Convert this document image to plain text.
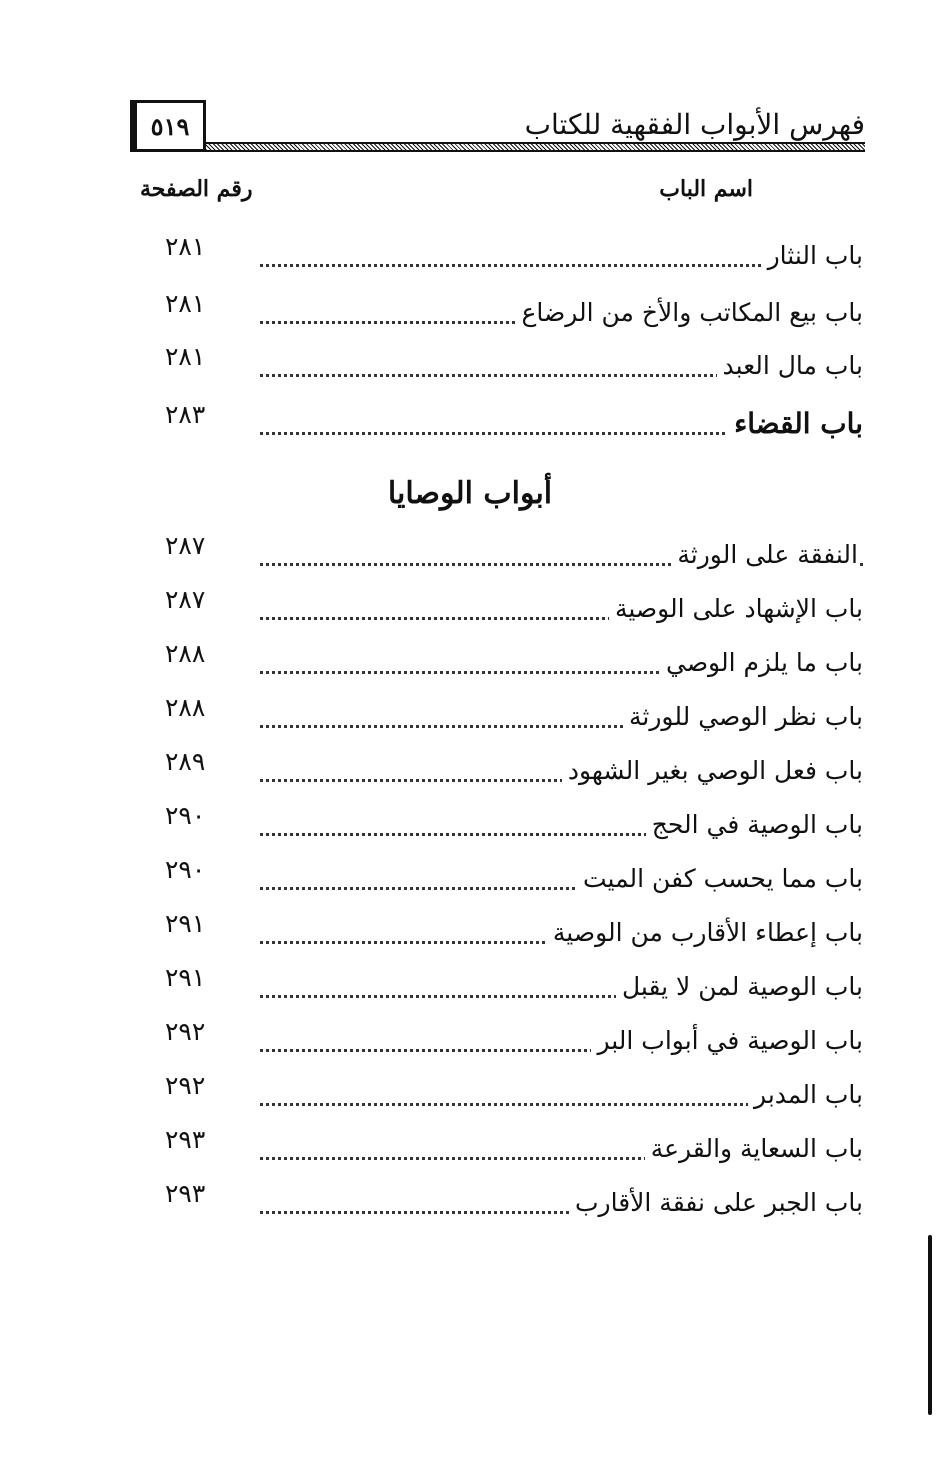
٥١٩	فهرس الأبواب الفقهية للكتاب
اسم الباب
رقم الصفحة
باب النثار
٢٨١
باب بيع المكاتب والأخ من الرضاع
٢٨١
باب مال العبد
٢٨١
باب القضاء
٢٨٣
أبواب الوصايا
النفقة على الورثة
٢٨٧
باب الإشهاد على الوصية
٢٨٧
باب ما يلزم الوصي
٢٨٨
باب نظر الوصي للورثة
٢٨٨
باب فعل الوصي بغير الشهود
٢٨٩
باب الوصية في الحج
٢٩٠
باب مما يحسب كفن الميت
٢٩٠
باب إعطاء الأقارب من الوصية
٢٩١
باب الوصية لمن لا يقبل
٢٩١
باب الوصية في أبواب البر
٢٩٢
باب المدبر
٢٩٢
باب السعاية والقرعة
٢٩٣
باب الجبر على نفقة الأقارب
٢٩٣
